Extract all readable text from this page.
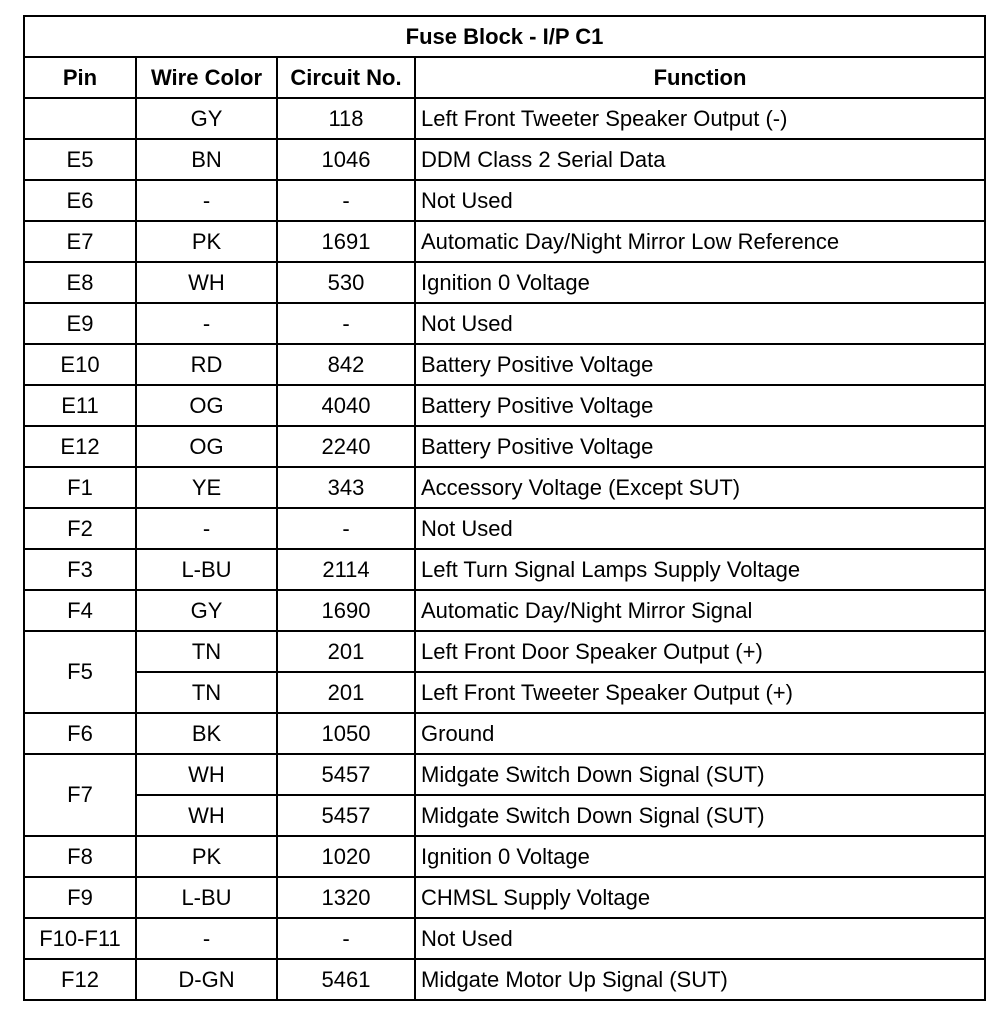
Fuse Block - I/P C1			
Pin	Wire Color	Circuit No.	Function
	GY	118	Left Front Tweeter Speaker Output (-)
E5	BN	1046	DDM Class 2 Serial Data
E6	-	-	Not Used
E7	PK	1691	Automatic Day/Night Mirror Low Reference
E8	WH	530	Ignition 0 Voltage
E9	-	-	Not Used
E10	RD	842	Battery Positive Voltage
E11	OG	4040	Battery Positive Voltage
E12	OG	2240	Battery Positive Voltage
F1	YE	343	Accessory Voltage (Except SUT)
F2	-	-	Not Used
F3	L-BU	2114	Left Turn Signal Lamps Supply Voltage
F4	GY	1690	Automatic Day/Night Mirror Signal
F5	TN	201	Left Front Door Speaker Output (+)
	TN	201	Left Front Tweeter Speaker Output (+)
F6	BK	1050	Ground
F7	WH	5457	Midgate Switch Down Signal (SUT)
	WH	5457	Midgate Switch Down Signal (SUT)
F8	PK	1020	Ignition 0 Voltage
F9	L-BU	1320	CHMSL Supply Voltage
F10-F11	-	-	Not Used
F12	D-GN	5461	Midgate Motor Up Signal (SUT)
